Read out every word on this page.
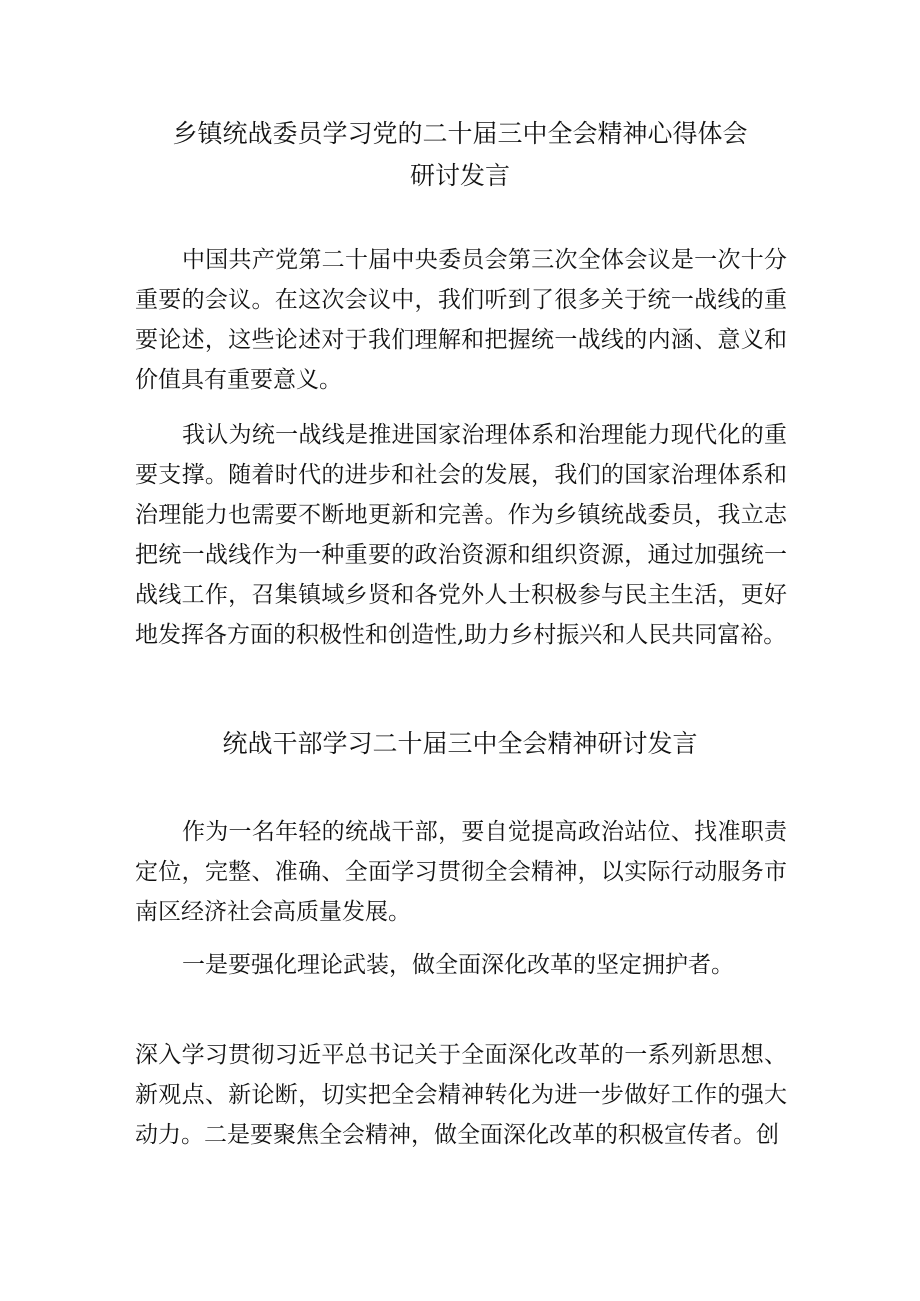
乡镇统战委员学习党的二十届三中全会精神心得体会
研讨发言

中国共产党第二十届中央委员会第三次全体会议是一次十分重要的会议。在这次会议中，我们听到了很多关于统一战线的重要论述，这些论述对于我们理解和把握统一战线的内涵、意义和价值具有重要意义。

我认为统一战线是推进国家治理体系和治理能力现代化的重要支撑。随着时代的进步和社会的发展，我们的国家治理体系和治理能力也需要不断地更新和完善。作为乡镇统战委员，我立志把统一战线作为一种重要的政治资源和组织资源，通过加强统一战线工作，召集镇域乡贤和各党外人士积极参与民主生活，更好地发挥各方面的积极性和创造性,助力乡村振兴和人民共同富裕。

统战干部学习二十届三中全会精神研讨发言

作为一名年轻的统战干部，要自觉提高政治站位、找准职责定位，完整、准确、全面学习贯彻全会精神，以实际行动服务市南区经济社会高质量发展。

一是要强化理论武装，做全面深化改革的坚定拥护者。

深入学习贯彻习近平总书记关于全面深化改革的一系列新思想、新观点、新论断，切实把全会精神转化为进一步做好工作的强大动力。二是要聚焦全会精神，做全面深化改革的积极宣传者。创
